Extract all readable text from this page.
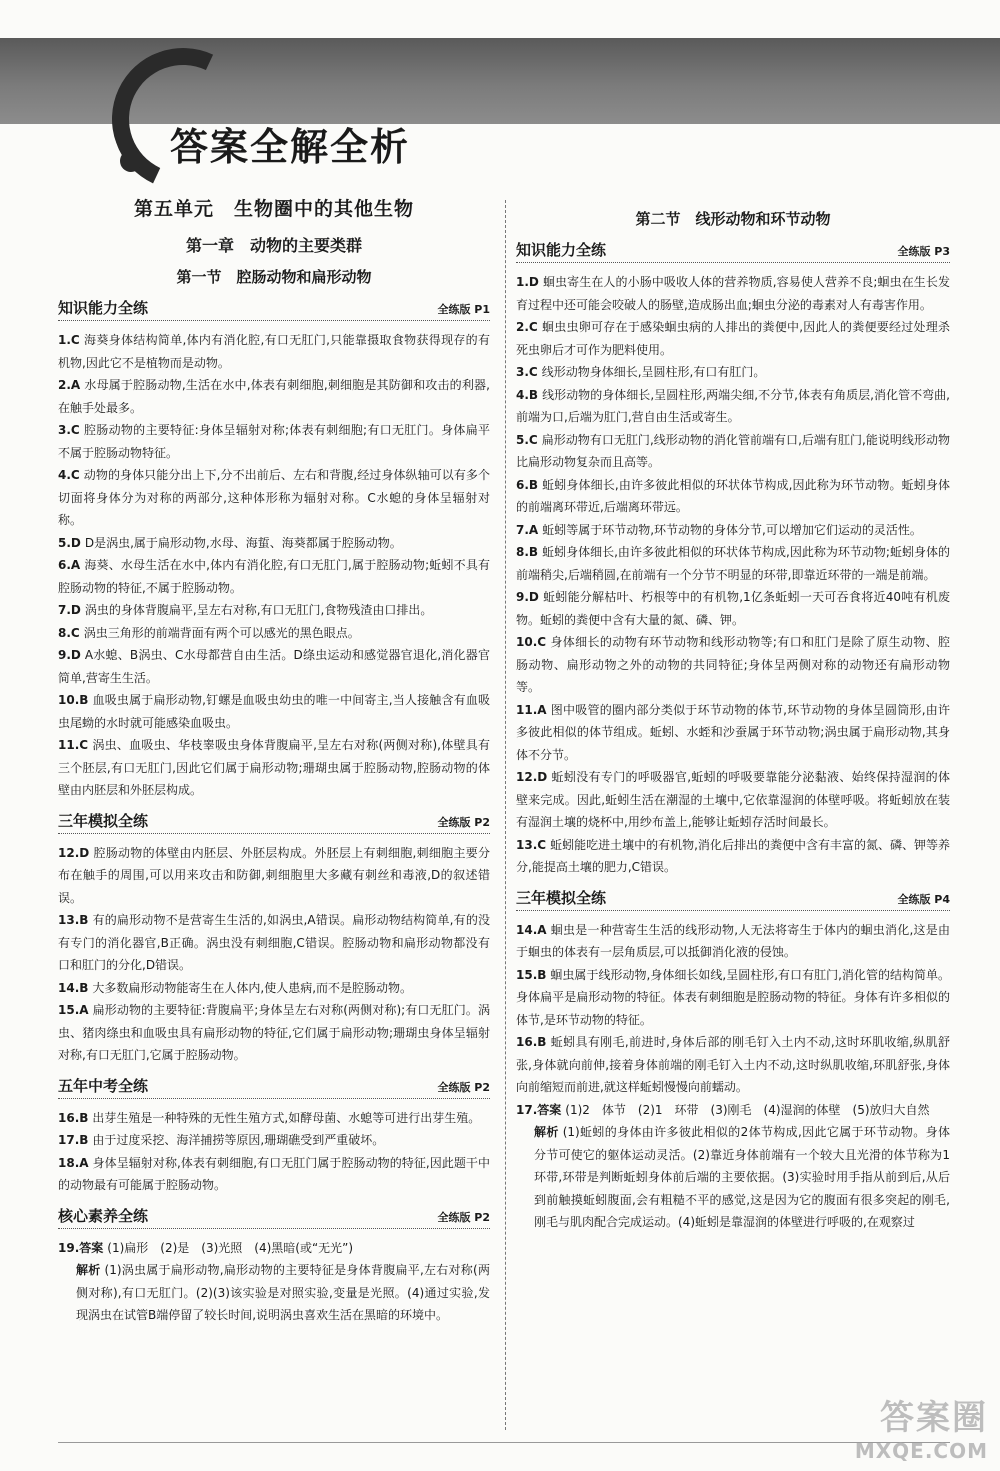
答案全解全析
第五单元　生物圈中的其他生物
第一章　动物的主要类群
第一节　腔肠动物和扁形动物
知识能力全练	全练版 P1

1.C 海葵身体结构简单,体内有消化腔,有口无肛门,只能靠摄取食物获得现存的有机物,因此它不是植物而是动物。

2.A 水母属于腔肠动物,生活在水中,体表有刺细胞,刺细胞是其防御和攻击的利器,在触手处最多。

3.C 腔肠动物的主要特征:身体呈辐射对称;体表有刺细胞;有口无肛门。身体扁平不属于腔肠动物特征。

4.C 动物的身体只能分出上下,分不出前后、左右和背腹,经过身体纵轴可以有多个切面将身体分为对称的两部分,这种体形称为辐射对称。C水螅的身体呈辐射对称。

5.D D是涡虫,属于扁形动物,水母、海蜇、海葵都属于腔肠动物。

6.A 海葵、水母生活在水中,体内有消化腔,有口无肛门,属于腔肠动物;蚯蚓不具有腔肠动物的特征,不属于腔肠动物。

7.D 涡虫的身体背腹扁平,呈左右对称,有口无肛门,食物残渣由口排出。

8.C 涡虫三角形的前端背面有两个可以感光的黑色眼点。

9.D A水螅、B涡虫、C水母都营自由生活。D绦虫运动和感觉器官退化,消化器官简单,营寄生生活。

10.B 血吸虫属于扁形动物,钉螺是血吸虫幼虫的唯一中间寄主,当人接触含有血吸虫尾蚴的水时就可能感染血吸虫。

11.C 涡虫、血吸虫、华枝睾吸虫身体背腹扁平,呈左右对称(两侧对称),体壁具有三个胚层,有口无肛门,因此它们属于扁形动物;珊瑚虫属于腔肠动物,腔肠动物的体壁由内胚层和外胚层构成。

三年模拟全练	全练版 P2

12.D 腔肠动物的体壁由内胚层、外胚层构成。外胚层上有刺细胞,刺细胞主要分布在触手的周围,可以用来攻击和防御,刺细胞里大多藏有刺丝和毒液,D的叙述错误。

13.B 有的扁形动物不是营寄生生活的,如涡虫,A错误。扁形动物结构简单,有的没有专门的消化器官,B正确。涡虫没有刺细胞,C错误。腔肠动物和扁形动物都没有口和肛门的分化,D错误。

14.B 大多数扁形动物能寄生在人体内,使人患病,而不是腔肠动物。

15.A 扁形动物的主要特征:背腹扁平;身体呈左右对称(两侧对称);有口无肛门。涡虫、猪肉绦虫和血吸虫具有扁形动物的特征,它们属于扁形动物;珊瑚虫身体呈辐射对称,有口无肛门,它属于腔肠动物。

五年中考全练	全练版 P2

16.B 出芽生殖是一种特殊的无性生殖方式,如酵母菌、水螅等可进行出芽生殖。

17.B 由于过度采挖、海洋捕捞等原因,珊瑚礁受到严重破坏。

18.A 身体呈辐射对称,体表有刺细胞,有口无肛门属于腔肠动物的特征,因此题干中的动物最有可能属于腔肠动物。

核心素养全练	全练版 P2

19.答案 (1)扁形　(2)是　(3)光照　(4)黑暗(或“无光”)

解析 (1)涡虫属于扁形动物,扁形动物的主要特征是身体背腹扁平,左右对称(两侧对称),有口无肛门。(2)(3)该实验是对照实验,变量是光照。(4)通过实验,发现涡虫在试管B端停留了较长时间,说明涡虫喜欢生活在黑暗的环境中。

第二节　线形动物和环节动物
知识能力全练	全练版 P3

1.D 蛔虫寄生在人的小肠中吸收人体的营养物质,容易使人营养不良;蛔虫在生长发育过程中还可能会咬破人的肠壁,造成肠出血;蛔虫分泌的毒素对人有毒害作用。

2.C 蛔虫虫卵可存在于感染蛔虫病的人排出的粪便中,因此人的粪便要经过处理杀死虫卵后才可作为肥料使用。

3.C 线形动物身体细长,呈圆柱形,有口有肛门。

4.B 线形动物的身体细长,呈圆柱形,两端尖细,不分节,体表有角质层,消化管不弯曲,前端为口,后端为肛门,营自由生活或寄生。

5.C 扁形动物有口无肛门,线形动物的消化管前端有口,后端有肛门,能说明线形动物比扁形动物复杂而且高等。

6.B 蚯蚓身体细长,由许多彼此相似的环状体节构成,因此称为环节动物。蚯蚓身体的前端离环带近,后端离环带远。

7.A 蚯蚓等属于环节动物,环节动物的身体分节,可以增加它们运动的灵活性。

8.B 蚯蚓身体细长,由许多彼此相似的环状体节构成,因此称为环节动物;蚯蚓身体的前端稍尖,后端稍圆,在前端有一个分节不明显的环带,即靠近环带的一端是前端。

9.D 蚯蚓能分解枯叶、朽根等中的有机物,1亿条蚯蚓一天可吞食将近40吨有机废物。蚯蚓的粪便中含有大量的氮、磷、钾。

10.C 身体细长的动物有环节动物和线形动物等;有口和肛门是除了原生动物、腔肠动物、扁形动物之外的动物的共同特征;身体呈两侧对称的动物还有扁形动物等。

11.A 图中吸管的圈内部分类似于环节动物的体节,环节动物的身体呈圆筒形,由许多彼此相似的体节组成。蚯蚓、水蛭和沙蚕属于环节动物;涡虫属于扁形动物,其身体不分节。

12.D 蚯蚓没有专门的呼吸器官,蚯蚓的呼吸要靠能分泌黏液、始终保持湿润的体壁来完成。因此,蚯蚓生活在潮湿的土壤中,它依靠湿润的体壁呼吸。将蚯蚓放在装有湿润土壤的烧杯中,用纱布盖上,能够让蚯蚓存活时间最长。

13.C 蚯蚓能吃进土壤中的有机物,消化后排出的粪便中含有丰富的氮、磷、钾等养分,能提高土壤的肥力,C错误。

三年模拟全练	全练版 P4

14.A 蛔虫是一种营寄生生活的线形动物,人无法将寄生于体内的蛔虫消化,这是由于蛔虫的体表有一层角质层,可以抵御消化液的侵蚀。

15.B 蛔虫属于线形动物,身体细长如线,呈圆柱形,有口有肛门,消化管的结构简单。身体扁平是扁形动物的特征。体表有刺细胞是腔肠动物的特征。身体有许多相似的体节,是环节动物的特征。

16.B 蚯蚓具有刚毛,前进时,身体后部的刚毛钉入土内不动,这时环肌收缩,纵肌舒张,身体就向前伸,接着身体前端的刚毛钉入土内不动,这时纵肌收缩,环肌舒张,身体向前缩短而前进,就这样蚯蚓慢慢向前蠕动。

17.答案 (1)2　体节　(2)1　环带　(3)刚毛　(4)湿润的体壁　(5)放归大自然

解析 (1)蚯蚓的身体由许多彼此相似的2体节构成,因此它属于环节动物。身体分节可使它的躯体运动灵活。(2)靠近身体前端有一个较大且光滑的体节称为1环带,环带是判断蚯蚓身体前后端的主要依据。(3)实验时用手指从前到后,从后到前触摸蚯蚓腹面,会有粗糙不平的感觉,这是因为它的腹面有很多突起的刚毛,刚毛与肌肉配合完成运动。(4)蚯蚓是靠湿润的体壁进行呼吸的,在观察过

答案圈
MXQE.COM
